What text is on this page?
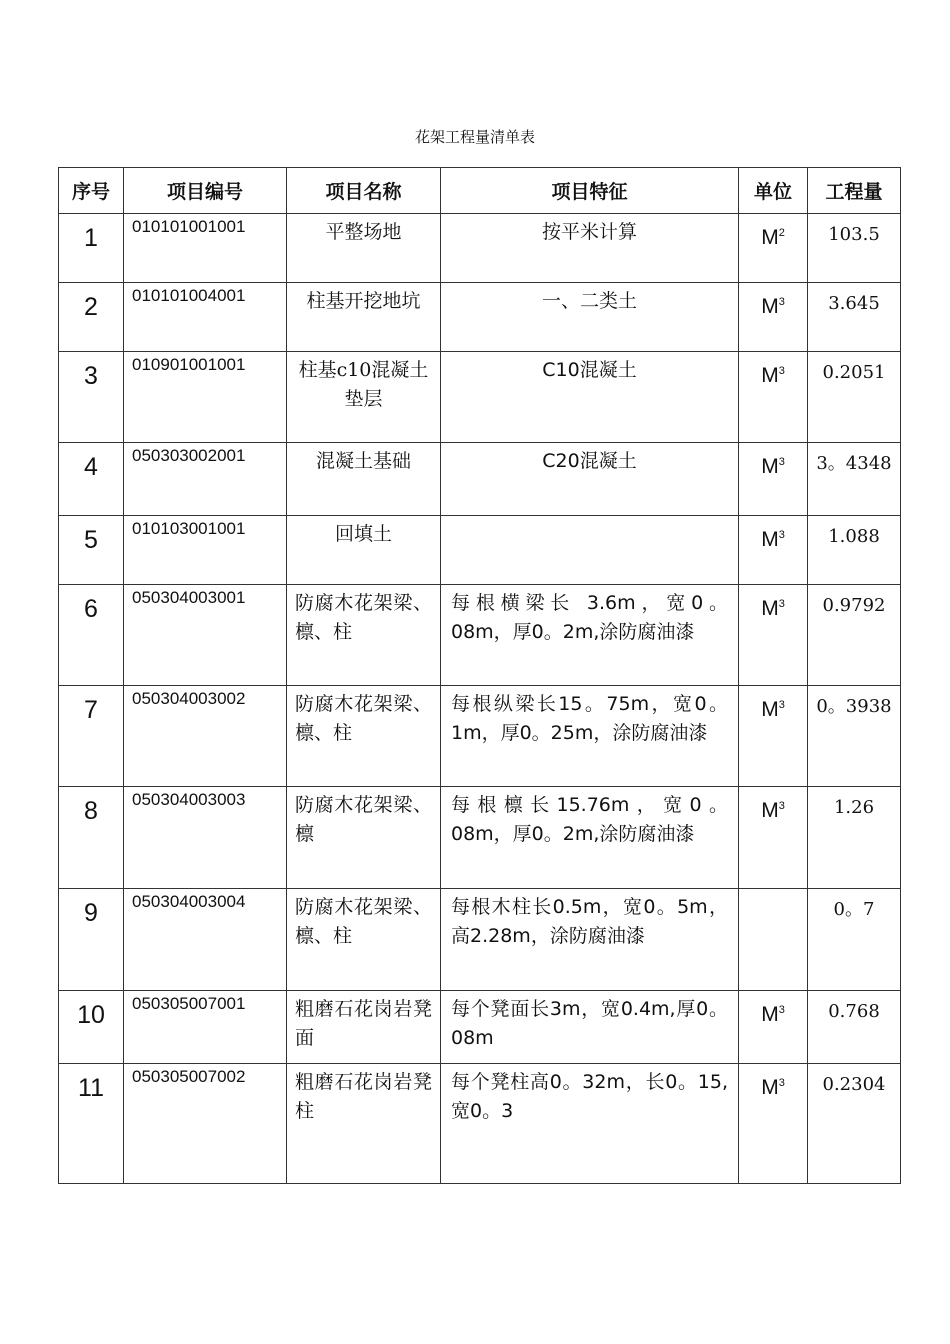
花架工程量清单表
序号	项目编号	项目名称	项目特征	单位	工程量
1	010101001001	平整场地	按平米计算	$M^2$	103.5
2	010101004001	柱基开挖地坑	一、二类土	$M^3$	3.645
3	010901001001	柱基c10混凝土垫层	C10混凝土	$M^3$	0.2051
4	050303002001	混凝土基础	C20混凝土	$M^3$	3。4348
5	010103001001	回填土		$M^3$	1.088
6	050304003001	防腐木花架梁、檩、柱	每根横梁长 3.6m，宽0。08m，厚0。2m,涂防腐油漆	$M^3$	0.9792
7	050304003002	防腐木花架梁、檩、柱	每根纵梁长15。75m，宽0。1m，厚0。25m，涂防腐油漆	$M^3$	0。3938
8	050304003003	防腐木花架梁、檩	每根檩长15.76m，宽0。08m，厚0。2m,涂防腐油漆	$M^3$	1.26
9	050304003004	防腐木花架梁、檩、柱	每根木柱长0.5m，宽0。5m，高2.28m，涂防腐油漆		0。7
10	050305007001	粗磨石花岗岩凳面	每个凳面长3m，宽0.4m,厚0。08m	$M^3$	0.768
11	050305007002	粗磨石花岗岩凳柱	每个凳柱高0。32m，长0。15,宽0。3	$M^3$	0.2304
